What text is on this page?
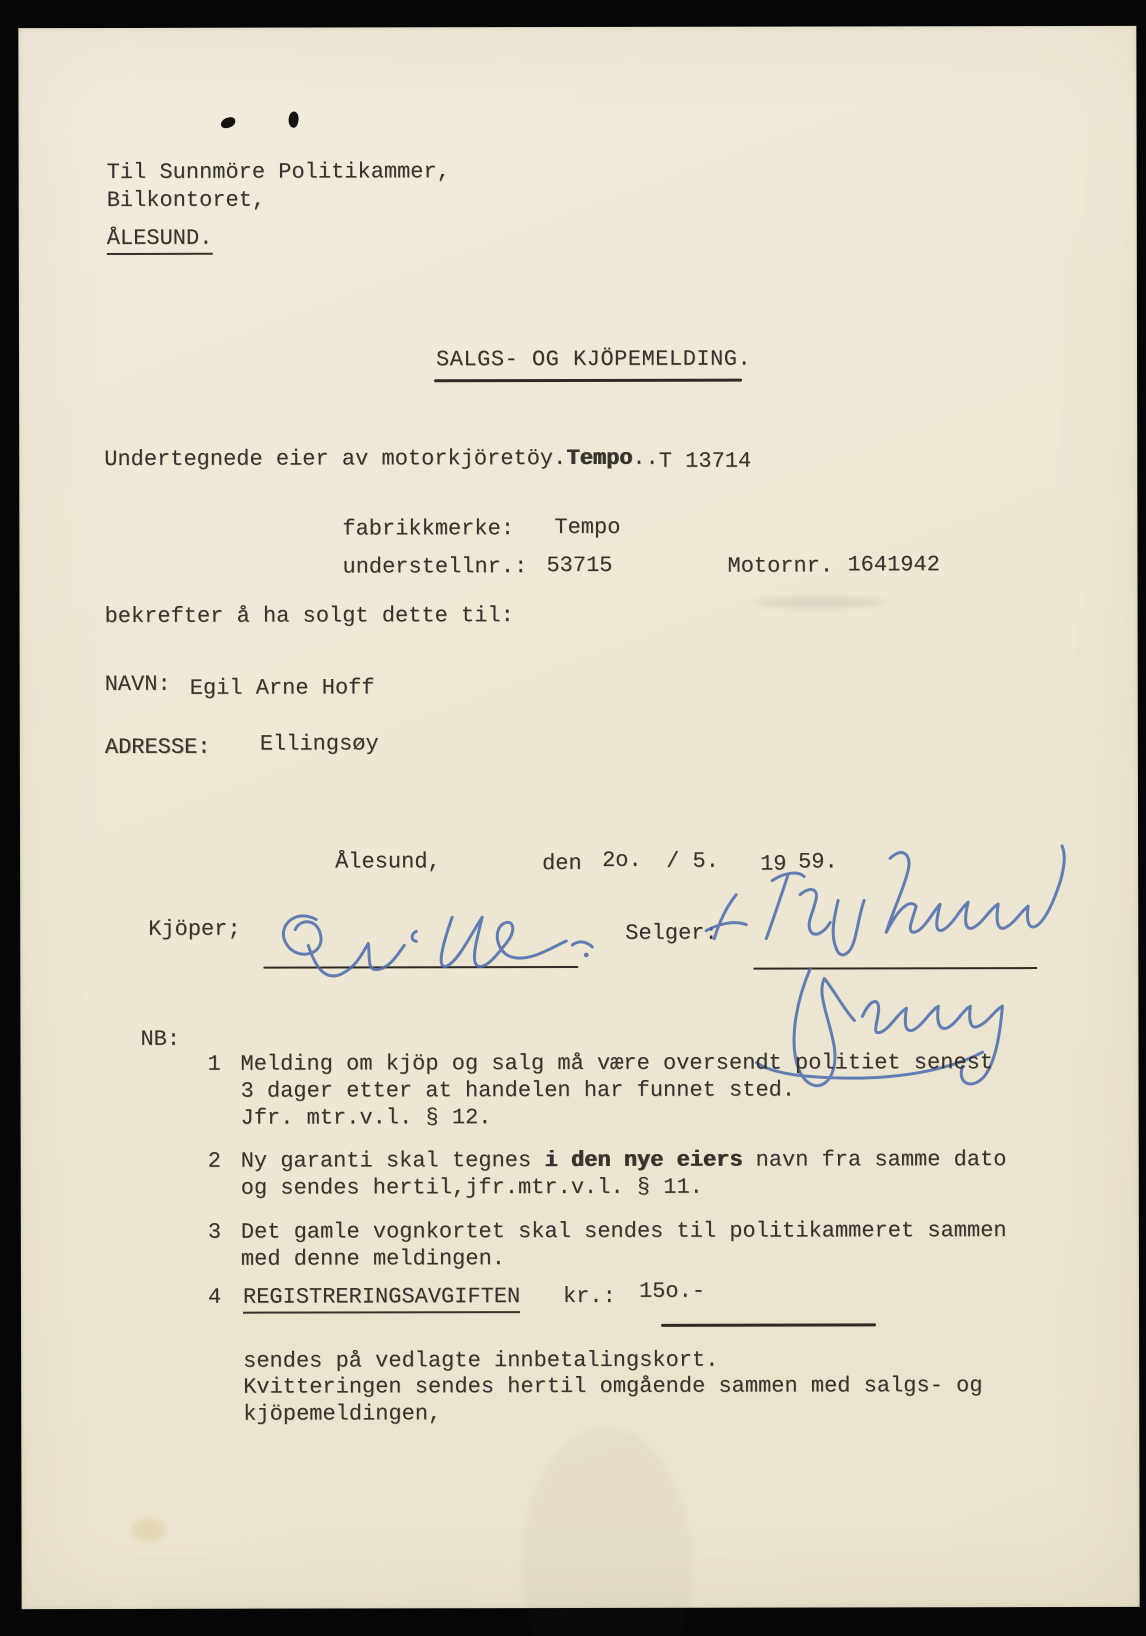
Til Sunnmöre Politikammer,
Bilkontoret,
ÅLESUND.
SALGS- OG KJÖPEMELDING.
Undertegnede eier av motorkjöretöy.Tempo..T 13714
fabrikkmerke: Tempo
understellnr.: 53715	Motornr. 1641942
bekrefter å ha solgt dette til:
NAVN: Egil Arne Hoff
ADRESSE: Ellingsøy
Ålesund,	den 2o. / 5. 19 59.
Kjöper;	Selger:
NB:
1 Melding om kjöp og salg må være oversendt politiet senest
3 dager etter at handelen har funnet sted.
Jfr. mtr.v.l. § 12.
2 Ny garanti skal tegnes i den nye eiers navn fra samme dato
og sendes hertil,jfr.mtr.v.l. § 11.
3 Det gamle vognkortet skal sendes til politikammeret sammen
med denne meldingen.
4 REGISTRERINGSAVGIFTEN kr.: 15o.-
sendes på vedlagte innbetalingskort.
Kvitteringen sendes hertil omgående sammen med salgs- og
kjöpemeldingen,
